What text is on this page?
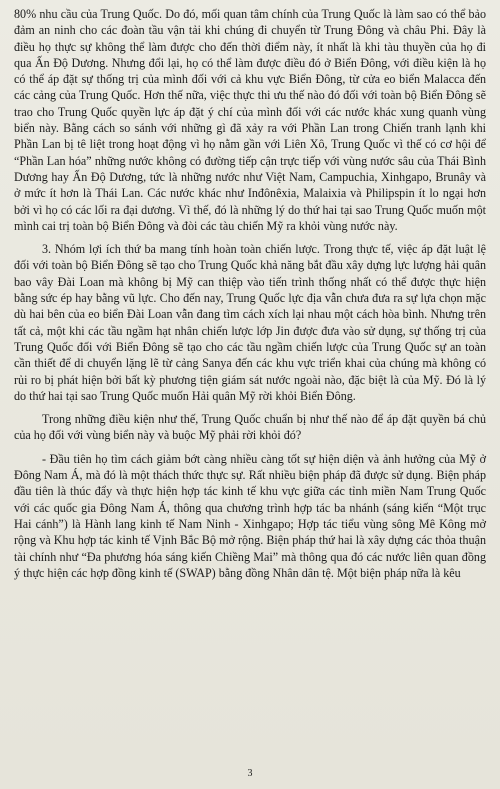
80% nhu cầu của Trung Quốc. Do đó, mối quan tâm chính của Trung Quốc là làm sao có thể bảo đảm an ninh cho các đoàn tầu vận tải khi chúng đi chuyển từ Trung Đông và châu Phi. Đây là điều họ thực sự không thể làm được cho đến thời điểm này, ít nhất là khi tàu thuyền của họ đi qua Ấn Độ Dương. Nhưng đổi lại, họ có thể làm được điều đó ở Biển Đông, với điều kiện là họ có thể áp đặt sự thống trị của mình đối với cả khu vực Biển Đông, từ cửa eo biển Malacca đến các cảng của Trung Quốc. Hơn thế nữa, việc thực thi ưu thế nào đó đối với toàn bộ Biển Đông sẽ trao cho Trung Quốc quyền lực áp đặt ý chí của mình đối với các nước khác xung quanh vùng biển này. Bằng cách so sánh với những gì đã xảy ra với Phần Lan trong Chiến tranh lạnh khi Phần Lan bị tê liệt trong hoạt động vì họ nằm gần với Liên Xô, Trung Quốc vì thế có cơ hội để “Phần Lan hóa” những nước không có đường tiếp cận trực tiếp với vùng nước sâu của Thái Bình Dương hay Ấn Độ Dương, tức là những nước như Việt Nam, Campuchia, Xinhgapo, Brunây và ở mức ít hơn là Thái Lan. Các nước khác như Inđônêxia, Malaixia và Philipspin ít lo ngại hơn bởi vì họ có các lối ra đại dương. Vì thế, đó là những lý do thứ hai tại sao Trung Quốc muốn một mình cai trị toàn bộ Biển Đông và đòi các tàu chiến Mỹ ra khỏi vùng nước này.

3. Nhóm lợi ích thứ ba mang tính hoàn toàn chiến lược. Trong thực tế, việc áp đặt luật lệ đối với toàn bộ Biển Đông sẽ tạo cho Trung Quốc khả năng bắt đầu xây dựng lực lượng hải quân bao vây Đài Loan mà không bị Mỹ can thiệp vào tiến trình thống nhất có thể được thực hiện bằng sức ép hay bằng vũ lực. Cho đến nay, Trung Quốc lực địa vẫn chưa đưa ra sự lựa chọn mặc dù hai bên của eo biển Đài Loan vẫn đang tìm cách xích lại nhau một cách hòa bình. Nhưng trên tất cả, một khi các tầu ngầm hạt nhân chiến lược lớp Jin được đưa vào sử dụng, sự thống trị của Trung Quốc đối với Biển Đông sẽ tạo cho các tầu ngầm chiến lược của Trung Quốc sự an toàn cần thiết để di chuyển lặng lẽ từ cảng Sanya đến các khu vực triển khai của chúng mà không có rủi ro bị phát hiện bởi bất kỳ phương tiện giám sát nước ngoài nào, đặc biệt là của Mỹ. Đó là lý do thứ hai tại sao Trung Quốc muốn Hải quân Mỹ rời khỏi Biển Đông.

Trong những điều kiện như thế, Trung Quốc chuẩn bị như thế nào để áp đặt quyền bá chủ của họ đối với vùng biển này và buộc Mỹ phải rời khỏi đó?

- Đầu tiên họ tìm cách giảm bớt càng nhiều càng tốt sự hiện diện và ảnh hưởng của Mỹ ở Đông Nam Á, mà đó là một thách thức thực sự. Rất nhiều biện pháp đã được sử dụng. Biện pháp đầu tiên là thúc đẩy và thực hiện hợp tác kinh tế khu vực giữa các tỉnh miền Nam Trung Quốc với các quốc gia Đông Nam Á, thông qua chương trình hợp tác ba nhánh (sáng kiến “Một trục Hai cánh”) là Hành lang kinh tế Nam Ninh - Xinhgapo; Hợp tác tiểu vùng sông Mê Kông mở rộng và Khu hợp tác kinh tế Vịnh Bắc Bộ mở rộng. Biện pháp thứ hai là xây dựng các thỏa thuận tài chính như “Đa phương hóa sáng kiến Chiềng Mai” mà thông qua đó các nước liên quan đồng ý thực hiện các hợp đồng kinh tế (SWAP) bằng đồng Nhân dân tệ. Một biện pháp nữa là kêu

3
